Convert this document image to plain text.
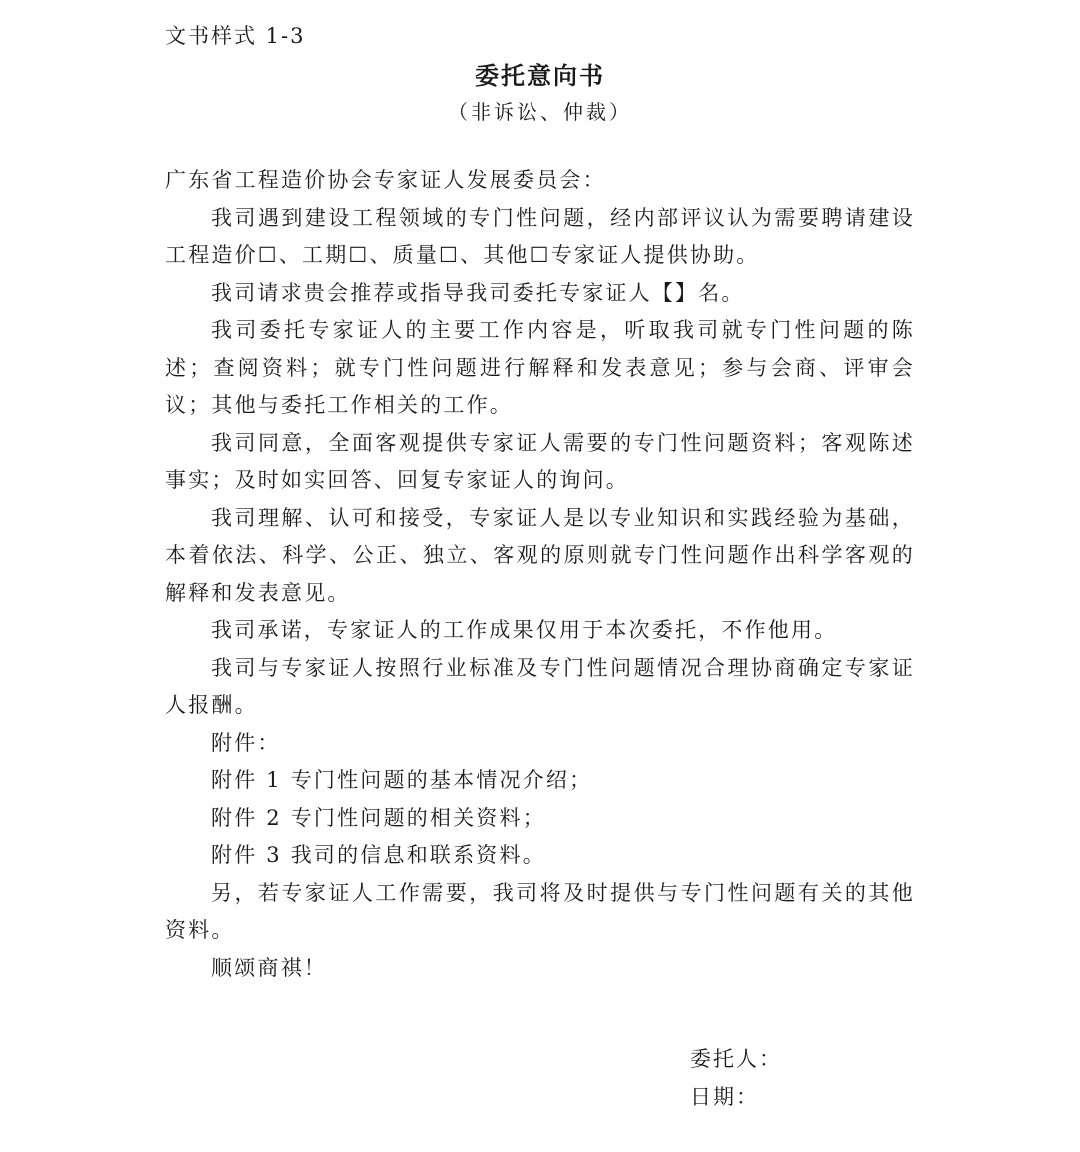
文书样式 1-3
委托意向书
（非诉讼、仲裁）

广东省工程造价协会专家证人发展委员会：

我司遇到建设工程领域的专门性问题，经内部评议认为需要聘请建设工程造价☐、工期☐、质量☐、其他☐专家证人提供协助。

我司请求贵会推荐或指导我司委托专家证人【】名。

我司委托专家证人的主要工作内容是，听取我司就专门性问题的陈述；查阅资料；就专门性问题进行解释和发表意见；参与会商、评审会议；其他与委托工作相关的工作。

我司同意，全面客观提供专家证人需要的专门性问题资料；客观陈述事实；及时如实回答、回复专家证人的询问。

我司理解、认可和接受，专家证人是以专业知识和实践经验为基础，本着依法、科学、公正、独立、客观的原则就专门性问题作出科学客观的解释和发表意见。

我司承诺，专家证人的工作成果仅用于本次委托，不作他用。

我司与专家证人按照行业标准及专门性问题情况合理协商确定专家证人报酬。

附件：

附件 1 专门性问题的基本情况介绍；

附件 2 专门性问题的相关资料；

附件 3 我司的信息和联系资料。

另，若专家证人工作需要，我司将及时提供与专门性问题有关的其他资料。

顺颂商祺！

委托人：

日期：
